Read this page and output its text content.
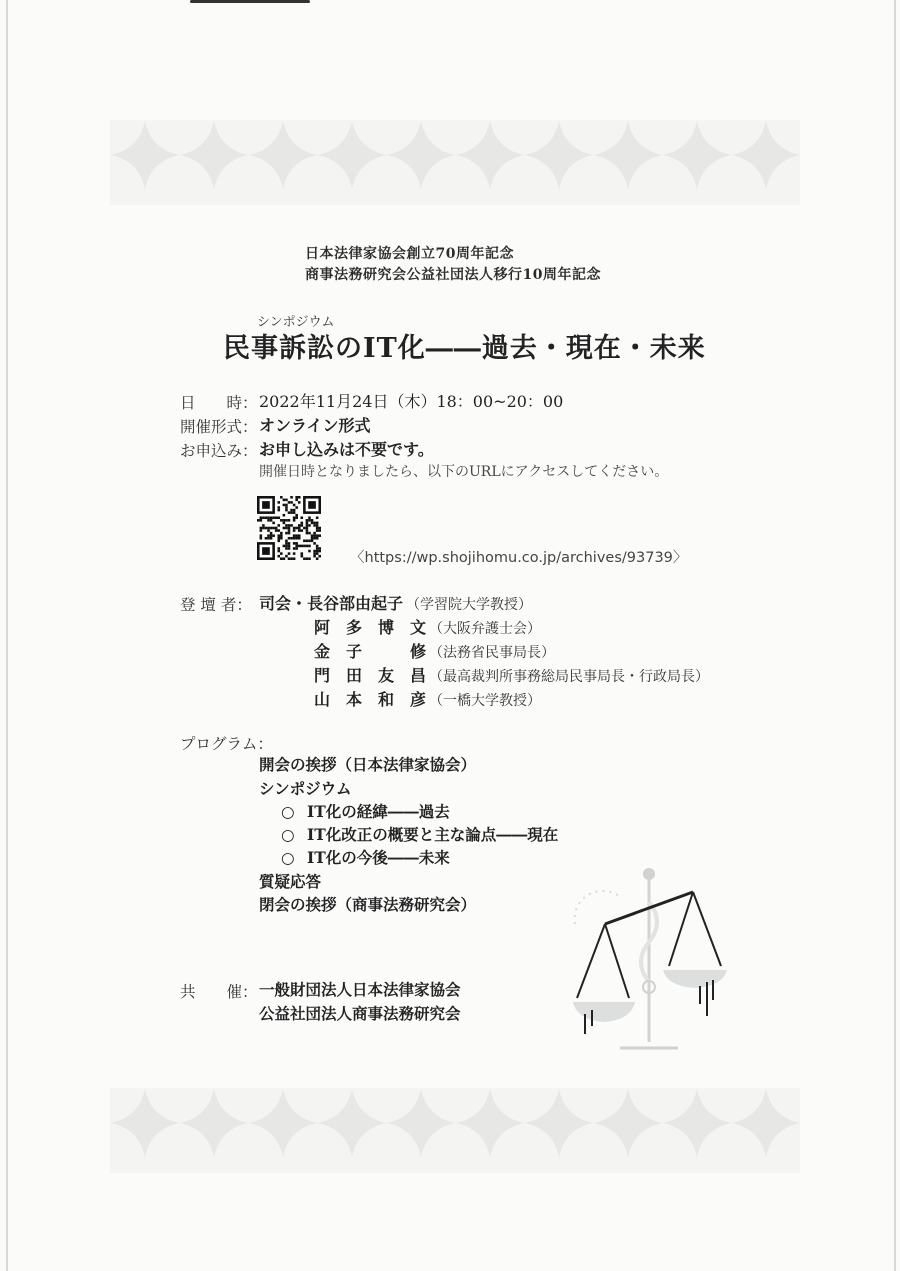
日本法律家協会創立70周年記念

商事法務研究会公益社団法人移行10周年記念

シンポジウム

民事訴訟のIT化――過去・現在・未来

日　　時： 2022年11月24日（木）18：00~20：00

開催形式： オンライン形式

お申込み： お申し込みは不要です。

開催日時となりましたら、以下のURLにアクセスしてください。

〈https://wp.shojihomu.co.jp/archives/93739〉

登 壇 者： 司会・長谷部由起子 （学習院大学教授）
阿　多　博　文 （大阪弁護士会）
金　子　　　修 （法務省民事局長）
門　田　友　昌 （最高裁判所事務総局民事局長・行政局長）
山　本　和　彦 （一橋大学教授）

プログラム：

開会の挨拶（日本法律家協会）

シンポジウム

○ IT化の経緯――過去
○ IT化改正の概要と主な論点――現在
○ IT化の今後――未来

質疑応答

閉会の挨拶（商事法務研究会）

共　　催： 一般財団法人日本法律家協会

公益社団法人商事法務研究会
